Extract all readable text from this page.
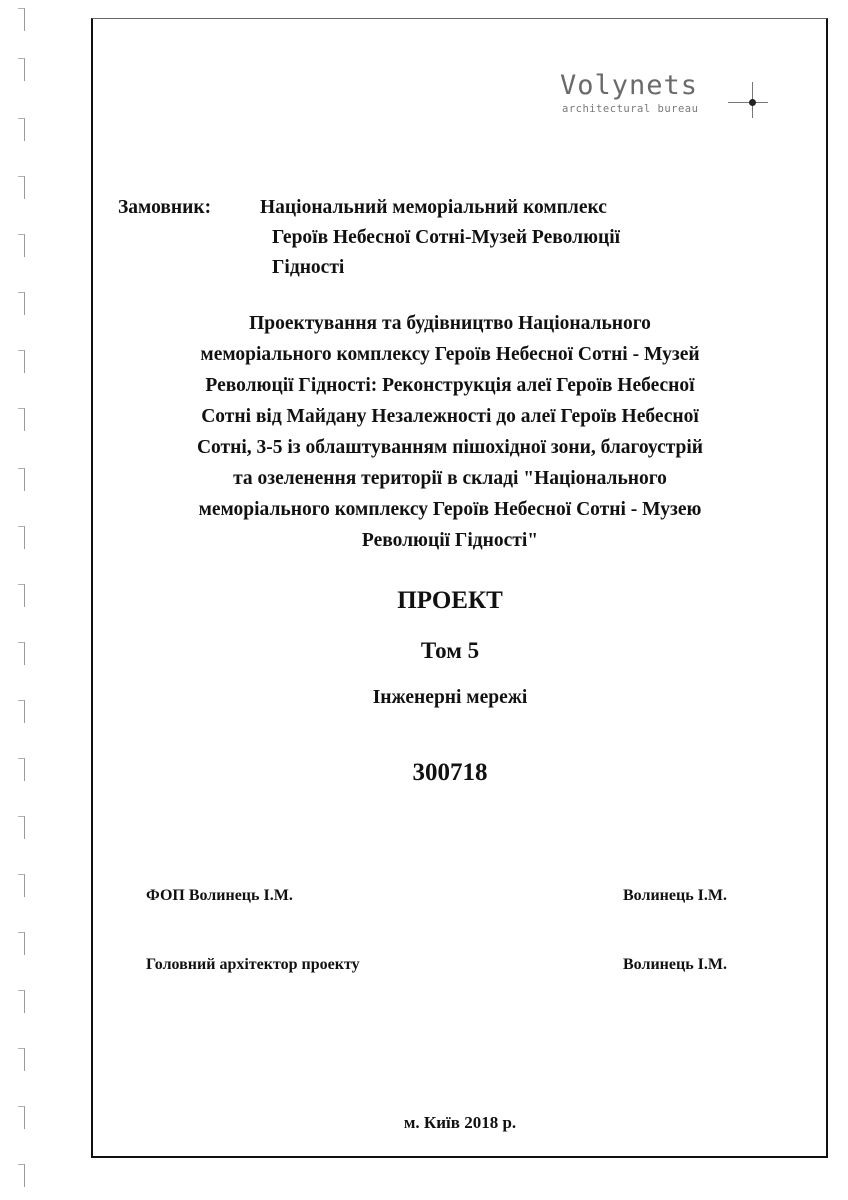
Volynets
architectural bureau
Замовник:	Національний меморіальний комплекс
Героїв Небесної Сотні-Музей Революції
Гідності
Проектування та будівництво Національного
меморіального комплексу Героїв Небесної Сотні - Музей
Революції Гідності: Реконструкція алеї Героїв Небесної
Сотні від Майдану Незалежності до алеї Героїв Небесної
Сотні, 3-5 із облаштуванням пішохідної зони, благоустрій
та озеленення території в складі "Національного
меморіального комплексу Героїв Небесної Сотні - Музею
Революції Гідності"
ПРОЕКТ
Том 5
Інженерні мережі
300718
ФОП Волинець І.М.	Волинець І.М.
Головний архітектор проекту	Волинець І.М.
м. Київ 2018 р.
